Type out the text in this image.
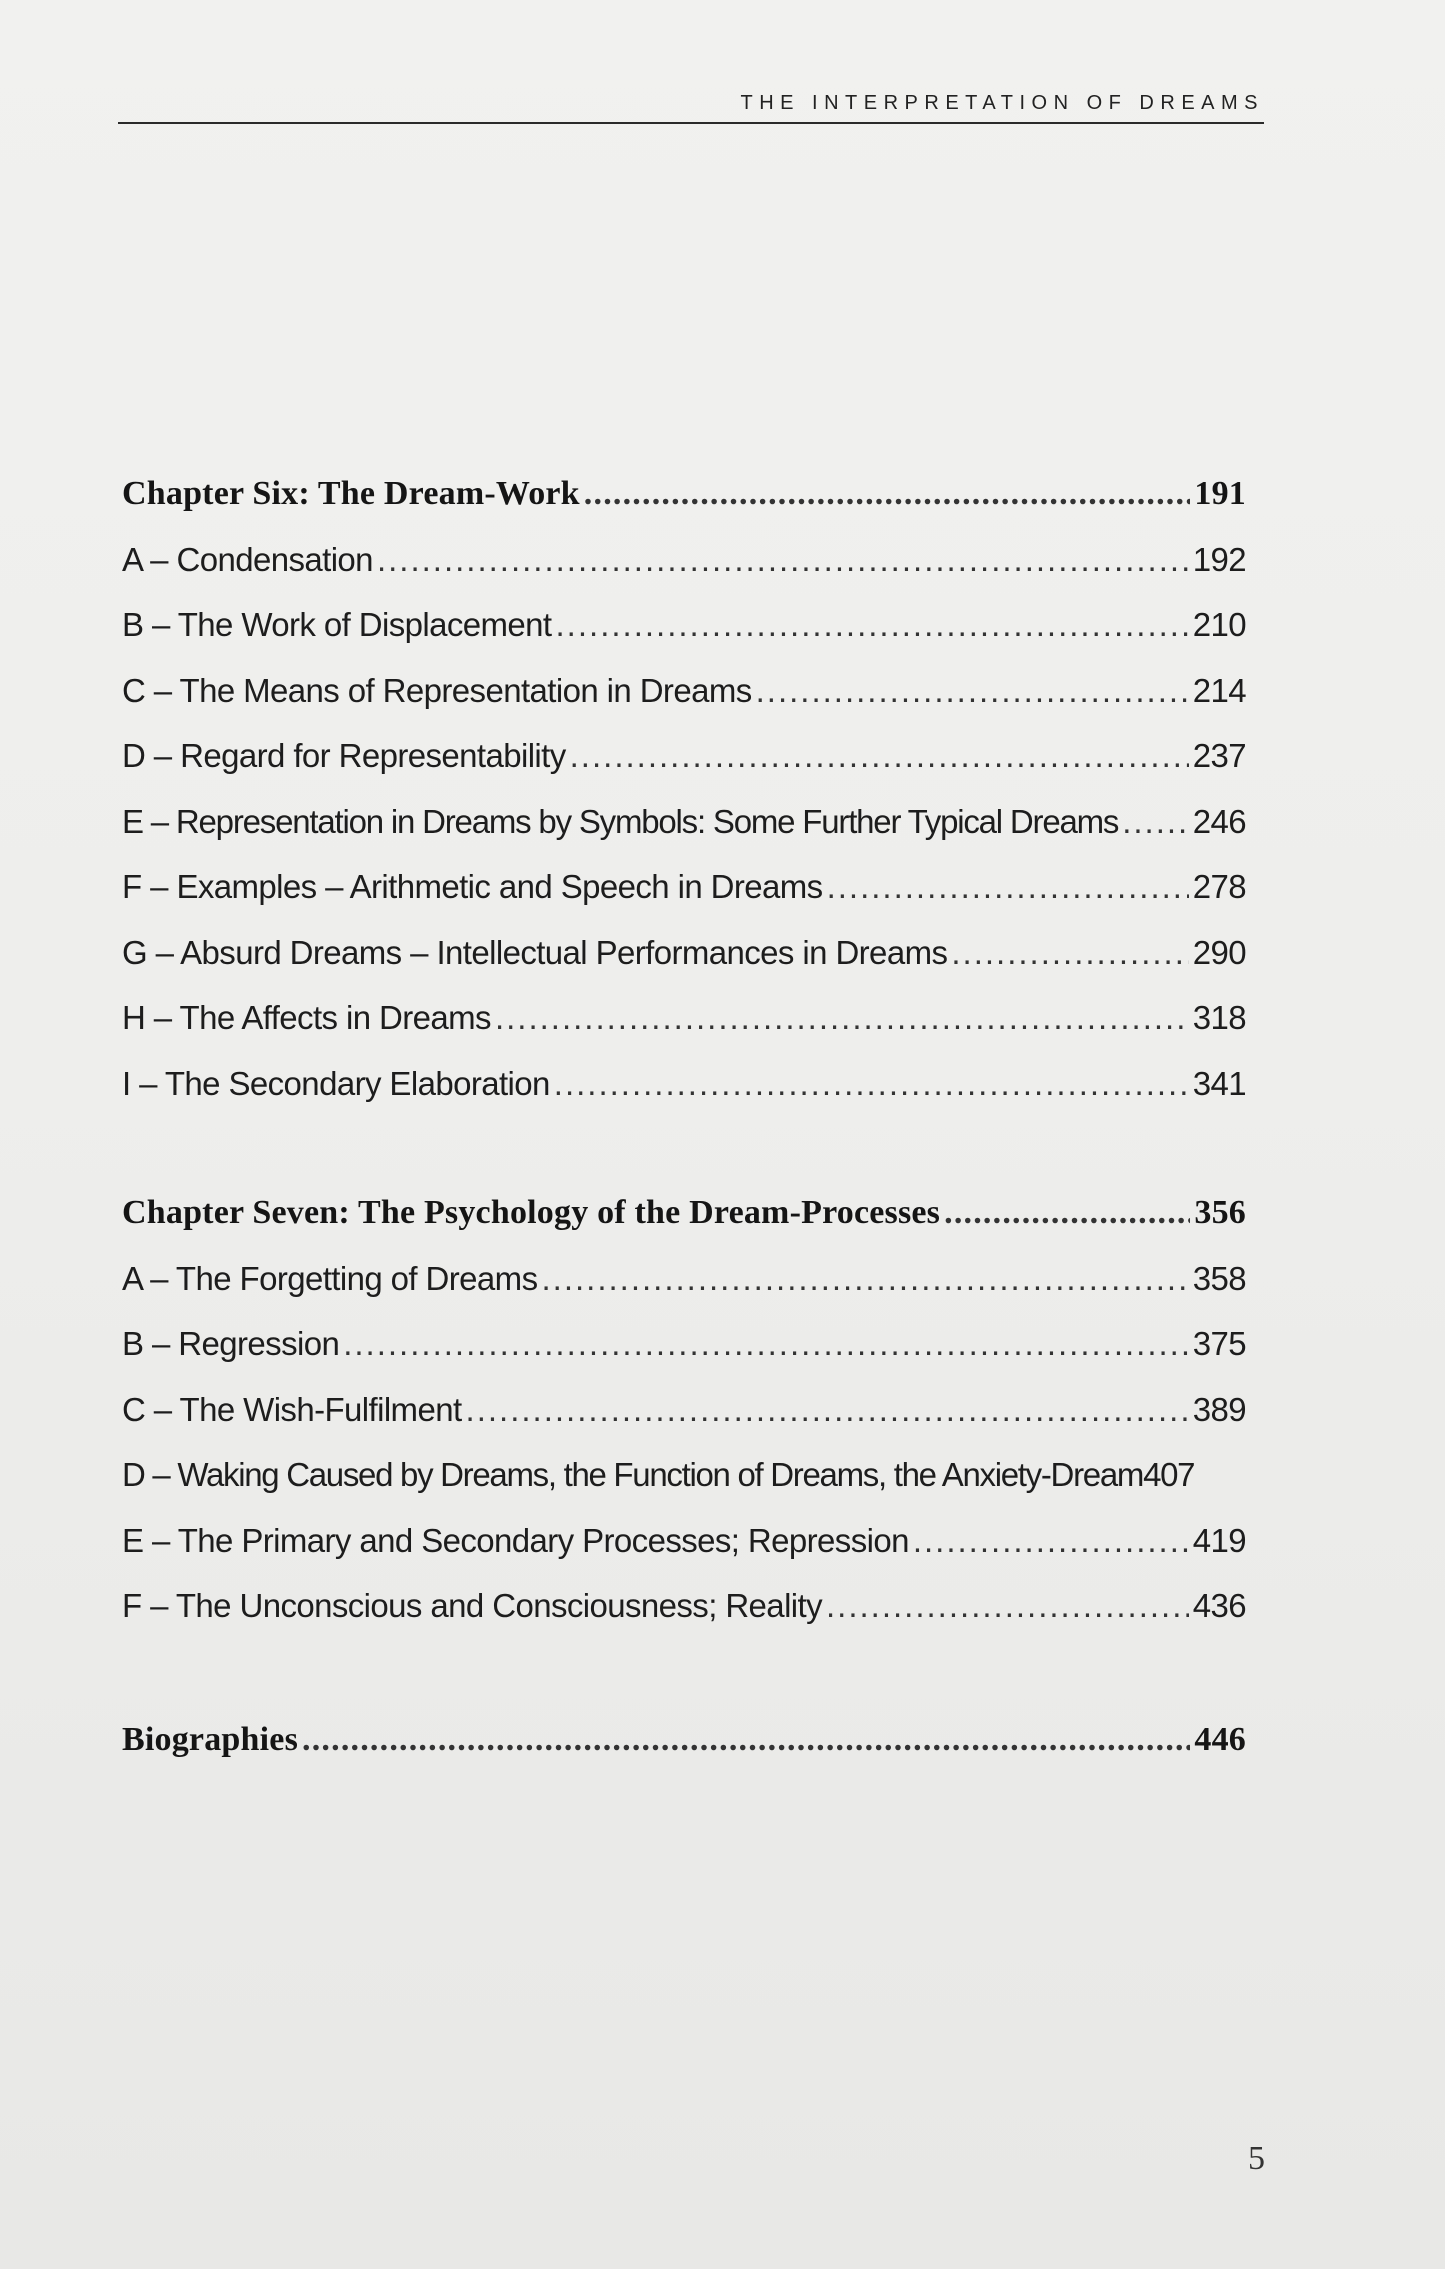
THE INTERPRETATION OF DREAMS
Chapter Six: The Dream-Work .....	191
A – Condensation .....	192
B – The Work of Displacement .....	210
C – The Means of Representation in Dreams .....	214
D – Regard for Representability .....	237
E – Representation in Dreams by Symbols: Some Further Typical Dreams ..... 246
F – Examples – Arithmetic and Speech in Dreams .....	278
G – Absurd Dreams – Intellectual Performances in Dreams .....	290
H – The Affects in Dreams .....	318
I – The Secondary Elaboration .....	341
Chapter Seven: The Psychology of the Dream-Processes .....	356
A – The Forgetting of Dreams .....	358
B – Regression .....	375
C – The Wish-Fulfilment .....	389
D – Waking Caused by Dreams, the Function of Dreams, the Anxiety-Dream 407
E – The Primary and Secondary Processes; Repression .....	419
F – The Unconscious and Consciousness; Reality .....	436
Biographies .....	446
5
